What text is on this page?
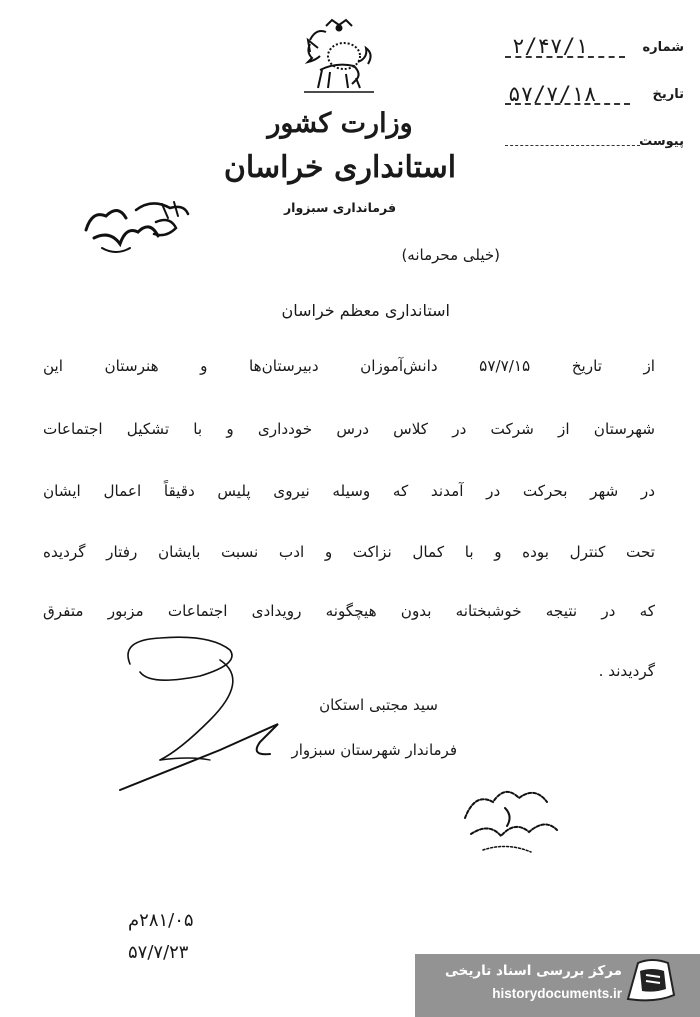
وزارت کشور
استانداری خراسان
فرمانداری سبزوار
شماره
۲/۴۷/۱
تاریخ
۵۷/۷/۱۸
پیوست
(خیلی محرمانه)
استانداری معظم خراسان
از تاریخ ۵۷/۷/۱۵ دانش‌آموزان دبیرستان‌ها و هنرستان این
شهرستان از شرکت در کلاس درس خودداری و با تشکیل اجتماعات
در شهر بحرکت در آمدند که وسیله نیروی پلیس دقیقاً اعمال ایشان
تحت کنترل بوده و با کمال نزاکت و ادب نسبت بایشان رفتار گردیده
که در نتیجه خوشبختانه بدون هیچگونه رویدادی اجتماعات مزبور متفرق
گردیدند .
سید مجتبی استکان
فرماندار شهرستان سبزوار
۲۸۱/۰۵م
۵۷/۷/۲۳
مرکز بررسی اسناد تاریخی
historydocuments.ir
